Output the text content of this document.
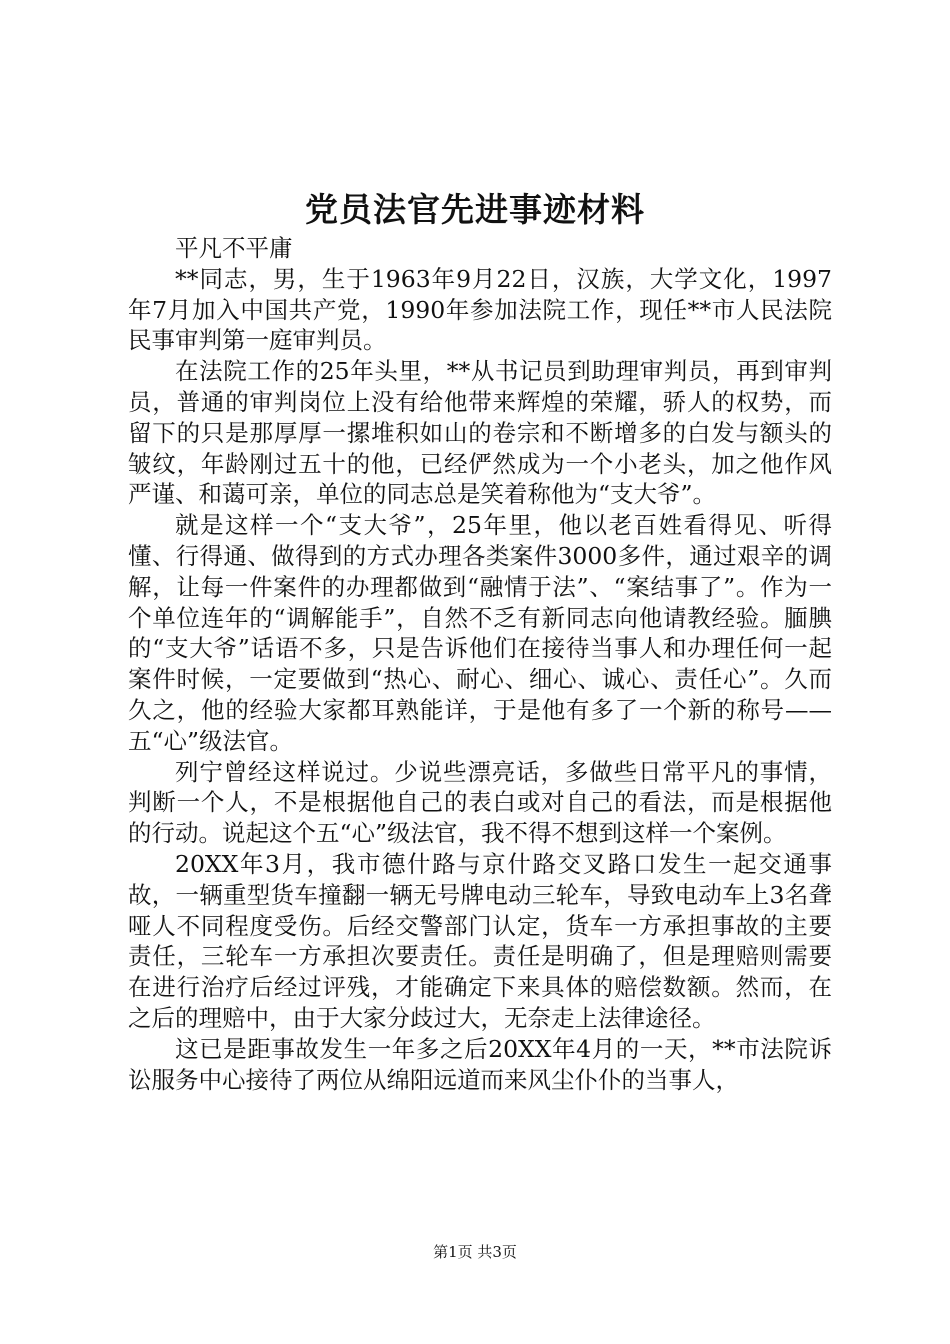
党员法官先进事迹材料

平凡不平庸

**同志，男，生于1963年9月22日，汉族，大学文化，1997年7月加入中国共产党，1990年参加法院工作，现任**市人民法院民事审判第一庭审判员。

在法院工作的25年头里，**从书记员到助理审判员，再到审判员，普通的审判岗位上没有给他带来辉煌的荣耀，骄人的权势，而留下的只是那厚厚一摞堆积如山的卷宗和不断增多的白发与额头的皱纹，年龄刚过五十的他，已经俨然成为一个小老头，加之他作风严谨、和蔼可亲，单位的同志总是笑着称他为“支大爷”。

就是这样一个“支大爷”，25年里，他以老百姓看得见、听得懂、行得通、做得到的方式办理各类案件3000多件，通过艰辛的调解，让每一件案件的办理都做到“融情于法”、“案结事了”。作为一个单位连年的“调解能手”，自然不乏有新同志向他请教经验。腼腆的“支大爷”话语不多，只是告诉他们在接待当事人和办理任何一起案件时候，一定要做到“热心、耐心、细心、诚心、责任心”。久而久之，他的经验大家都耳熟能详，于是他有多了一个新的称号——五“心”级法官。

列宁曾经这样说过。少说些漂亮话，多做些日常平凡的事情，判断一个人，不是根据他自己的表白或对自己的看法，而是根据他的行动。说起这个五“心”级法官，我不得不想到这样一个案例。

20XX年3月，我市德什路与京什路交叉路口发生一起交通事故，一辆重型货车撞翻一辆无号牌电动三轮车，导致电动车上3名聋哑人不同程度受伤。后经交警部门认定，货车一方承担事故的主要责任，三轮车一方承担次要责任。责任是明确了，但是理赔则需要在进行治疗后经过评残，才能确定下来具体的赔偿数额。然而，在之后的理赔中，由于大家分歧过大，无奈走上法律途径。

这已是距事故发生一年多之后20XX年4月的一天，**市法院诉讼服务中心接待了两位从绵阳远道而来风尘仆仆的当事人，

第1页 共3页
